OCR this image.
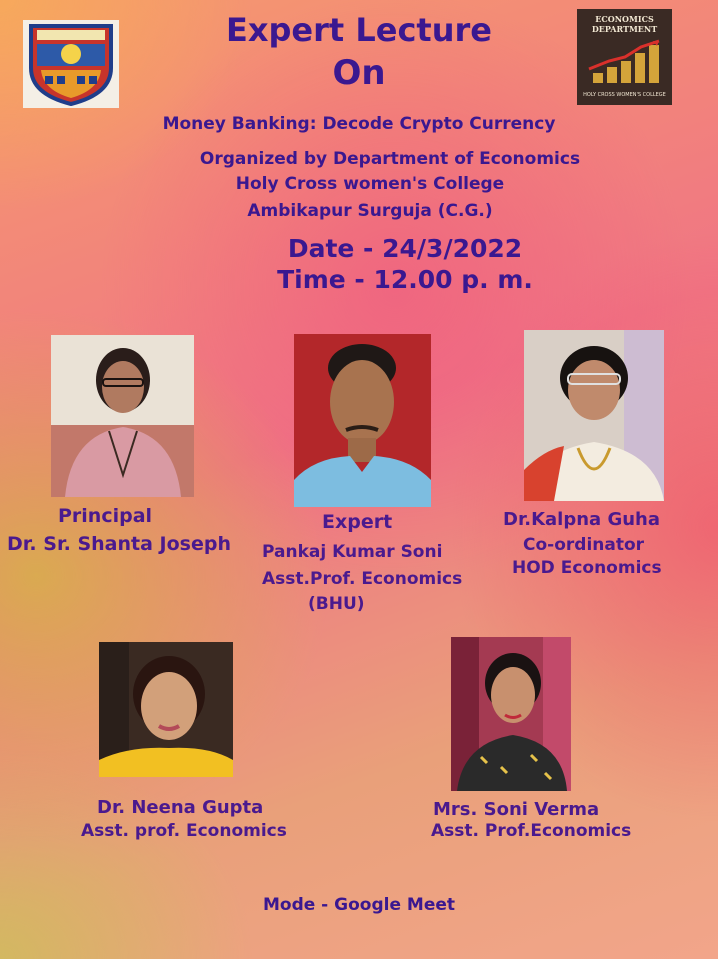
ECONOMICS
DEPARTMENT
HOLY CROSS WOMEN'S COLLEGE
Expert Lecture
On
Money Banking: Decode Crypto Currency
Organized by Department of Economics
Holy Cross women's College
Ambikapur Surguja (C.G.)
Date - 24/3/2022
Time - 12.00 p. m.
Principal
Dr. Sr. Shanta Joseph
Expert
Pankaj Kumar Soni
Asst.Prof. Economics
(BHU)
Dr.Kalpna Guha
Co-ordinator
HOD Economics
Dr. Neena Gupta
Asst. prof. Economics
Mrs. Soni Verma
Asst. Prof.Economics
Mode - Google Meet
